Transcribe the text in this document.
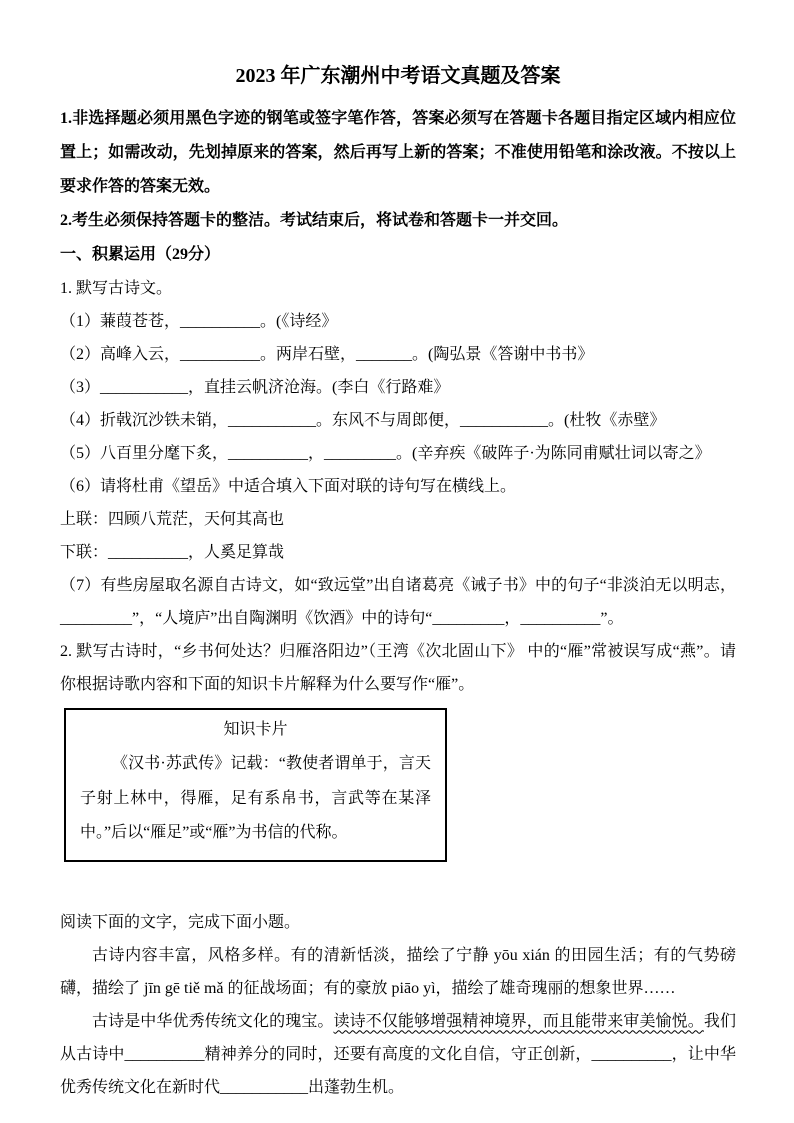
2023 年广东潮州中考语文真题及答案

1.非选择题必须用黑色字迹的钢笔或签字笔作答，答案必须写在答题卡各题目指定区域内相应位置上；如需改动，先划掉原来的答案，然后再写上新的答案；不准使用铅笔和涂改液。不按以上要求作答的答案无效。

2.考生必须保持答题卡的整洁。考试结束后，将试卷和答题卡一并交回。

一、积累运用（29分）

1. 默写古诗文。

（1）蒹葭苍苍，__________。(《诗经》

（2）高峰入云，__________。两岸石壁，_______。(陶弘景《答谢中书书》

（3）___________，直挂云帆济沧海。(李白《行路难》

（4）折戟沉沙铁未销，___________。东风不与周郎便，___________。(杜牧《赤壁》

（5）八百里分麾下炙，__________，_________。(辛弃疾《破阵子·为陈同甫赋壮词以寄之》

（6）请将杜甫《望岳》中适合填入下面对联的诗句写在横线上。

上联：四顾八荒茫，天何其高也

下联：__________，人奚足算哉

（7）有些房屋取名源自古诗文，如“致远堂”出自诸葛亮《诫子书》中的句子“非淡泊无以明志，_________”，“人境庐”出自陶渊明《饮酒》中的诗句“_________，__________”。

2. 默写古诗时，“乡书何处达？归雁洛阳边”（王湾《次北固山下》 中的“雁”常被误写成“燕”。请你根据诗歌内容和下面的知识卡片解释为什么要写作“雁”。

知识卡片

《汉书·苏武传》记载：“教使者谓单于，言天子射上林中，得雁，足有系帛书，言武等在某泽中。”后以“雁足”或“雁”为书信的代称。

阅读下面的文字，完成下面小题。

古诗内容丰富，风格多样。有的清新恬淡，描绘了宁静 yōu xián 的田园生活；有的气势磅礴，描绘了 jīn gē tiě mǎ 的征战场面；有的豪放 piāo yì，描绘了雄奇瑰丽的想象世界……

古诗是中华优秀传统文化的瑰宝。读诗不仅能够增强精神境界，而且能带来审美愉悦。我们从古诗中__________精神养分的同时，还要有高度的文化自信，守正创新，__________，让中华优秀传统文化在新时代___________出蓬勃生机。
